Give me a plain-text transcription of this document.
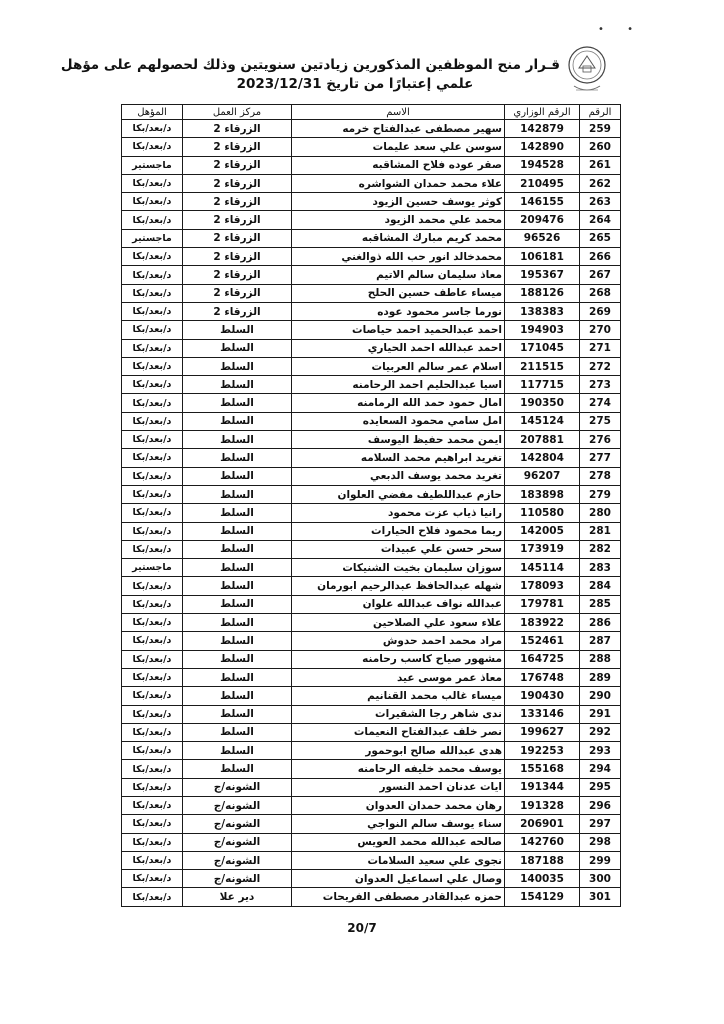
• •
قـرار منح الموظفين المذكورين زيادتين سنويتين وذلك لحصولهم على مؤهل
علمي إعتبارًا من تاريخ 2023/12/31
الرقم	الرقم الوزاري	الاسم	مركز العمل	المؤهل
259	142879	سهير مصطفى عبدالفتاح خرمه	الزرقاء 2	د/بعد/بكا
260	142890	سوسن علي سعد عليمات	الزرقاء 2	د/بعد/بكا
261	194528	صقر عوده فلاح المشاقبه	الزرقاء 2	ماجستير
262	210495	علاء محمد حمدان الشواشره	الزرقاء 2	د/بعد/بكا
263	146155	كوثر يوسف حسين الزيود	الزرقاء 2	د/بعد/بكا
264	209476	محمد علي محمد الزيود	الزرقاء 2	د/بعد/بكا
265	96526	محمد كريم مبارك المشاقبه	الزرقاء 2	ماجستير
266	106181	محمدخالد انور حب الله ذوالغني	الزرقاء 2	د/بعد/بكا
267	195367	معاذ سليمان سالم الاتيم	الزرقاء 2	د/بعد/بكا
268	188126	ميساء عاطف حسين الحلح	الزرقاء 2	د/بعد/بكا
269	138383	نورما جاسر محمود عوده	الزرقاء 2	د/بعد/بكا
270	194903	احمد عبدالحميد احمد حياصات	السلط	د/بعد/بكا
271	171045	احمد عبدالله احمد الحياري	السلط	د/بعد/بكا
272	211515	اسلام عمر سالم العربيات	السلط	د/بعد/بكا
273	117715	اسيا عبدالحليم احمد الرحامنه	السلط	د/بعد/بكا
274	190350	امال حمود حمد الله الرمامنه	السلط	د/بعد/بكا
275	145124	امل سامي محمود السعايده	السلط	د/بعد/بكا
276	207881	ايمن محمد حفيظ اليوسف	السلط	د/بعد/بكا
277	142804	تغريد ابراهيم محمد السلامه	السلط	د/بعد/بكا
278	96207	تغريد محمد يوسف الدبعي	السلط	د/بعد/بكا
279	183898	حازم عبداللطيف مفضي العلوان	السلط	د/بعد/بكا
280	110580	رانيا ذياب عزت محمود	السلط	د/بعد/بكا
281	142005	ريما محمود فلاح الحيارات	السلط	د/بعد/بكا
282	173919	سحر حسن علي عبيدات	السلط	د/بعد/بكا
283	145114	سوزان سليمان بخيت الشنيكات	السلط	ماجستير
284	178093	شهله عبدالحافظ عبدالرحيم ابورمان	السلط	د/بعد/بكا
285	179781	عبدالله نواف عبدالله علوان	السلط	د/بعد/بكا
286	183922	علاء سعود علي الصلاحين	السلط	د/بعد/بكا
287	152461	مراد محمد احمد حدوش	السلط	د/بعد/بكا
288	164725	مشهور صياح كاسب رحامنه	السلط	د/بعد/بكا
289	176748	معاذ عمر موسى عيد	السلط	د/بعد/بكا
290	190430	ميساء غالب محمد القنانيم	السلط	د/بعد/بكا
291	133146	ندى شاهر رجا الشقيرات	السلط	د/بعد/بكا
292	199627	نصر خلف عبدالفتاح النعيمات	السلط	د/بعد/بكا
293	192253	هدى عبدالله صالح ابوحمور	السلط	د/بعد/بكا
294	155168	يوسف محمد خليفه الرحامنه	السلط	د/بعد/بكا
295	191344	ايات عدنان احمد النسور	الشونه/ج	د/بعد/بكا
296	191328	رهان محمد حمدان العدوان	الشونه/ج	د/بعد/بكا
297	206901	سناء يوسف سالم النواجي	الشونه/ج	د/بعد/بكا
298	142760	صالحه عبدالله محمد العويس	الشونه/ج	د/بعد/بكا
299	187188	نجوى علي سعيد السلامات	الشونه/ج	د/بعد/بكا
300	140035	وصال علي اسماعيل العدوان	الشونه/ج	د/بعد/بكا
301	154129	حمزه عبدالقادر مصطفى الفريحات	دير علا	د/بعد/بكا
20/7
